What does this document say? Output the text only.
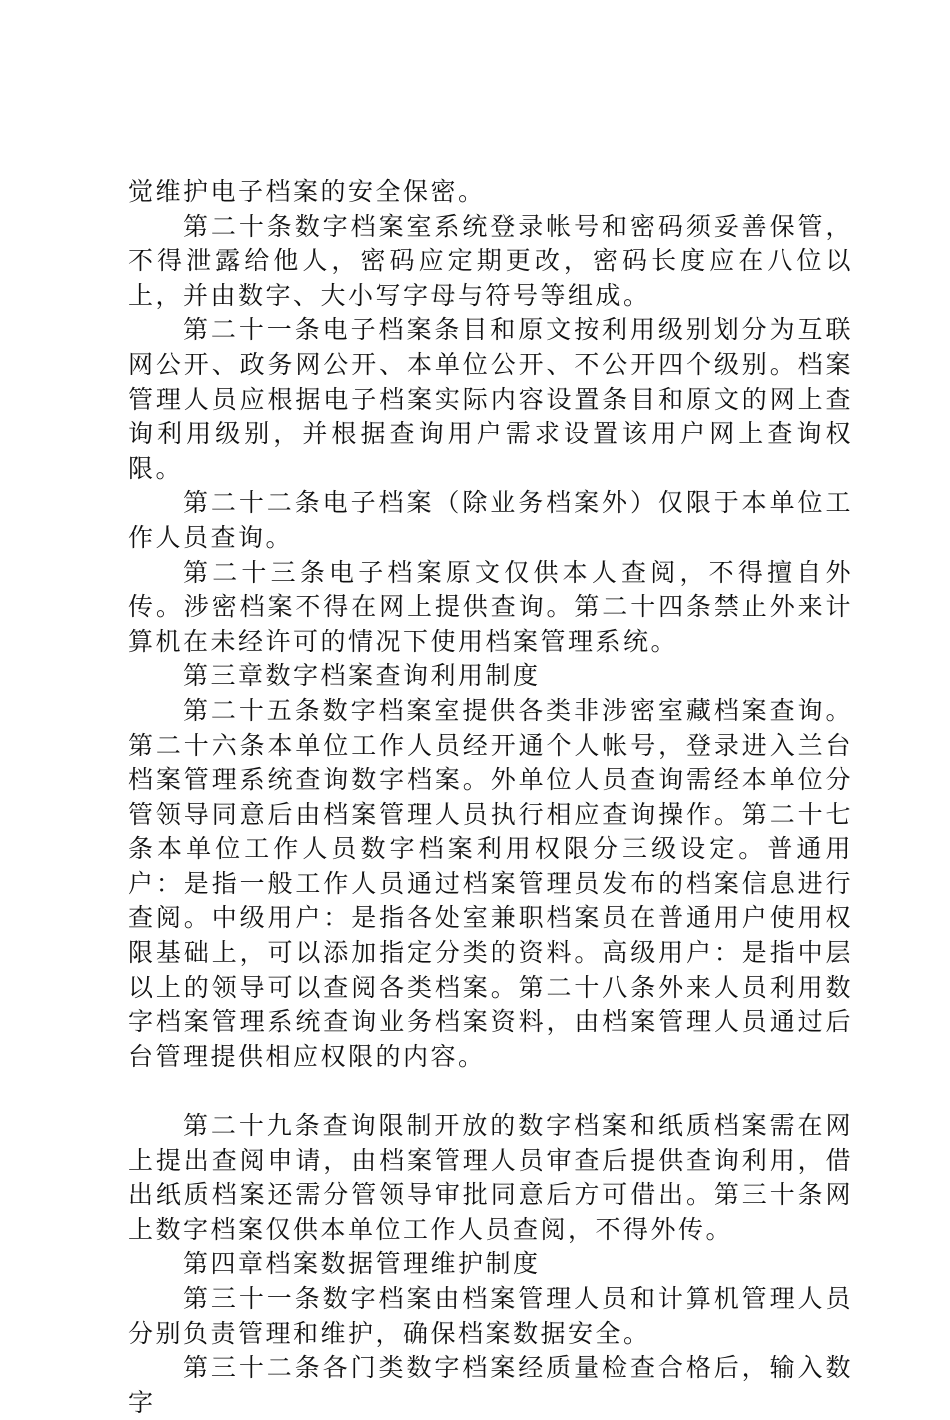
觉维护电子档案的安全保密。

第二十条数字档案室系统登录帐号和密码须妥善保管，不得泄露给他人，密码应定期更改，密码长度应在八位以上，并由数字、大小写字母与符号等组成。

第二十一条电子档案条目和原文按利用级别划分为互联网公开、政务网公开、本单位公开、不公开四个级别。档案管理人员应根据电子档案实际内容设置条目和原文的网上查询利用级别，并根据查询用户需求设置该用户网上查询权限。

第二十二条电子档案（除业务档案外）仅限于本单位工作人员查询。

第二十三条电子档案原文仅供本人查阅，不得擅自外传。涉密档案不得在网上提供查询。第二十四条禁止外来计算机在未经许可的情况下使用档案管理系统。

第三章数字档案查询利用制度

第二十五条数字档案室提供各类非涉密室藏档案查询。第二十六条本单位工作人员经开通个人帐号，登录进入兰台档案管理系统查询数字档案。外单位人员查询需经本单位分管领导同意后由档案管理人员执行相应查询操作。第二十七条本单位工作人员数字档案利用权限分三级设定。普通用户：是指一般工作人员通过档案管理员发布的档案信息进行查阅。中级用户：是指各处室兼职档案员在普通用户使用权限基础上，可以添加指定分类的资料。高级用户：是指中层以上的领导可以查阅各类档案。第二十八条外来人员利用数字档案管理系统查询业务档案资料，由档案管理人员通过后台管理提供相应权限的内容。

第二十九条查询限制开放的数字档案和纸质档案需在网上提出查阅申请，由档案管理人员审查后提供查询利用，借出纸质档案还需分管领导审批同意后方可借出。第三十条网上数字档案仅供本单位工作人员查阅，不得外传。

第四章档案数据管理维护制度

第三十一条数字档案由档案管理人员和计算机管理人员分别负责管理和维护，确保档案数据安全。

第三十二条各门类数字档案经质量检查合格后，输入数字
